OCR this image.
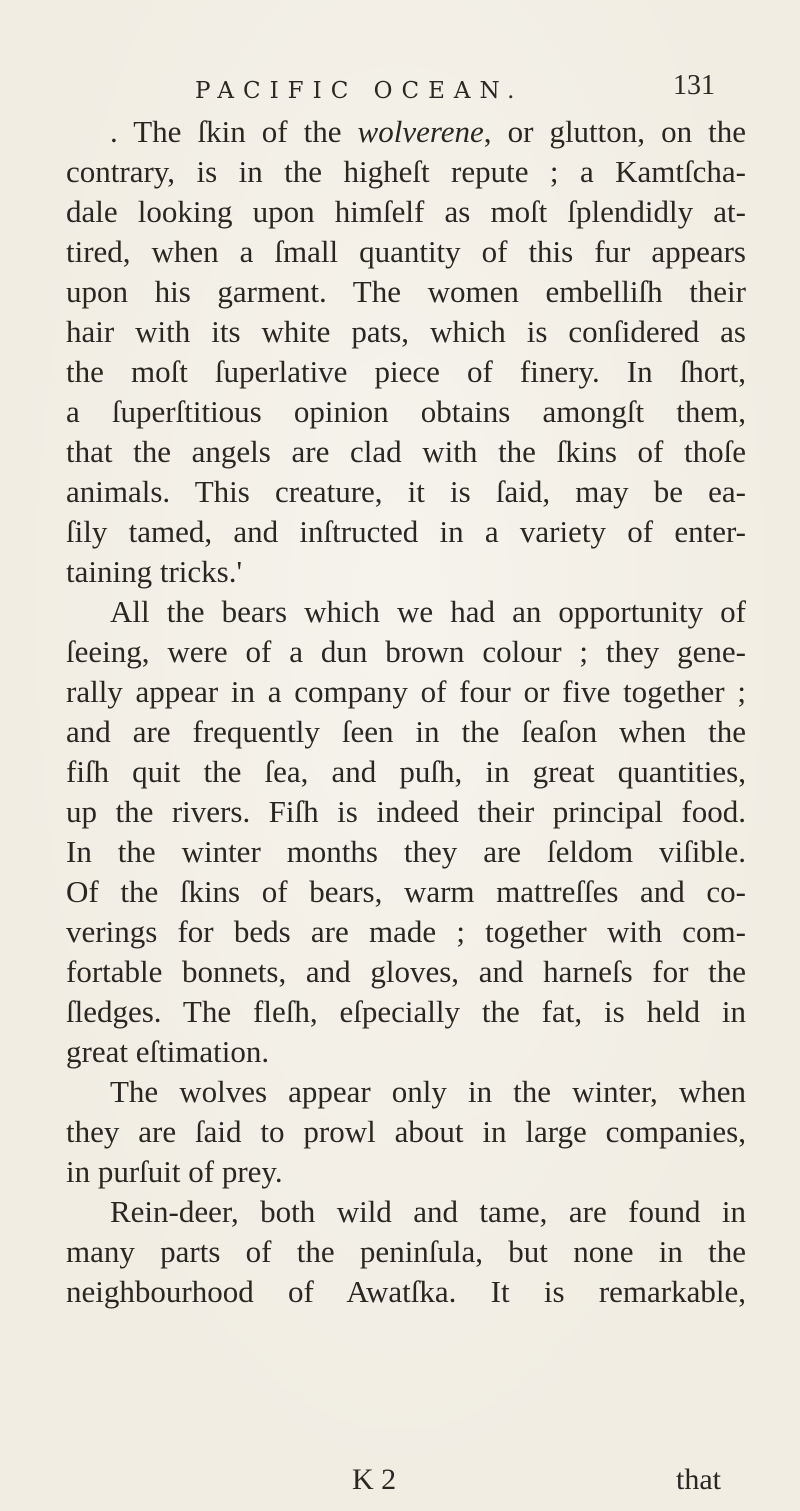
PACIFIC OCEAN.	131
. The ſkin of the wolverene, or glutton, on the
contrary, is in the higheſt repute ; a Kamtſcha-
dale looking upon himſelf as moſt ſplendidly at-
tired, when a ſmall quantity of this fur appears
upon his garment. The women embelliſh their
hair with its white pats, which is conſidered as
the moſt ſuperlative piece of finery. In ſhort,
a ſuperſtitious opinion obtains amongſt them,
that the angels are clad with the ſkins of thoſe
animals. This creature, it is ſaid, may be ea-
ſily tamed, and inſtructed in a variety of enter-
taining tricks.'
All the bears which we had an opportunity of
ſeeing, were of a dun brown colour ; they gene-
rally appear in a company of four or five together ;
and are frequently ſeen in the ſeaſon when the
fiſh quit the ſea, and puſh, in great quantities,
up the rivers. Fiſh is indeed their principal food.
In the winter months they are ſeldom viſible.
Of the ſkins of bears, warm mattreſſes and co-
verings for beds are made ; together with com-
fortable bonnets, and gloves, and harneſs for the
ſledges. The fleſh, eſpecially the fat, is held in
great eſtimation.
The wolves appear only in the winter, when
they are ſaid to prowl about in large companies,
in purſuit of prey.
Rein-deer, both wild and tame, are found in
many parts of the peninſula, but none in the
neighbourhood of Awatſka. It is remarkable,
K 2	that
